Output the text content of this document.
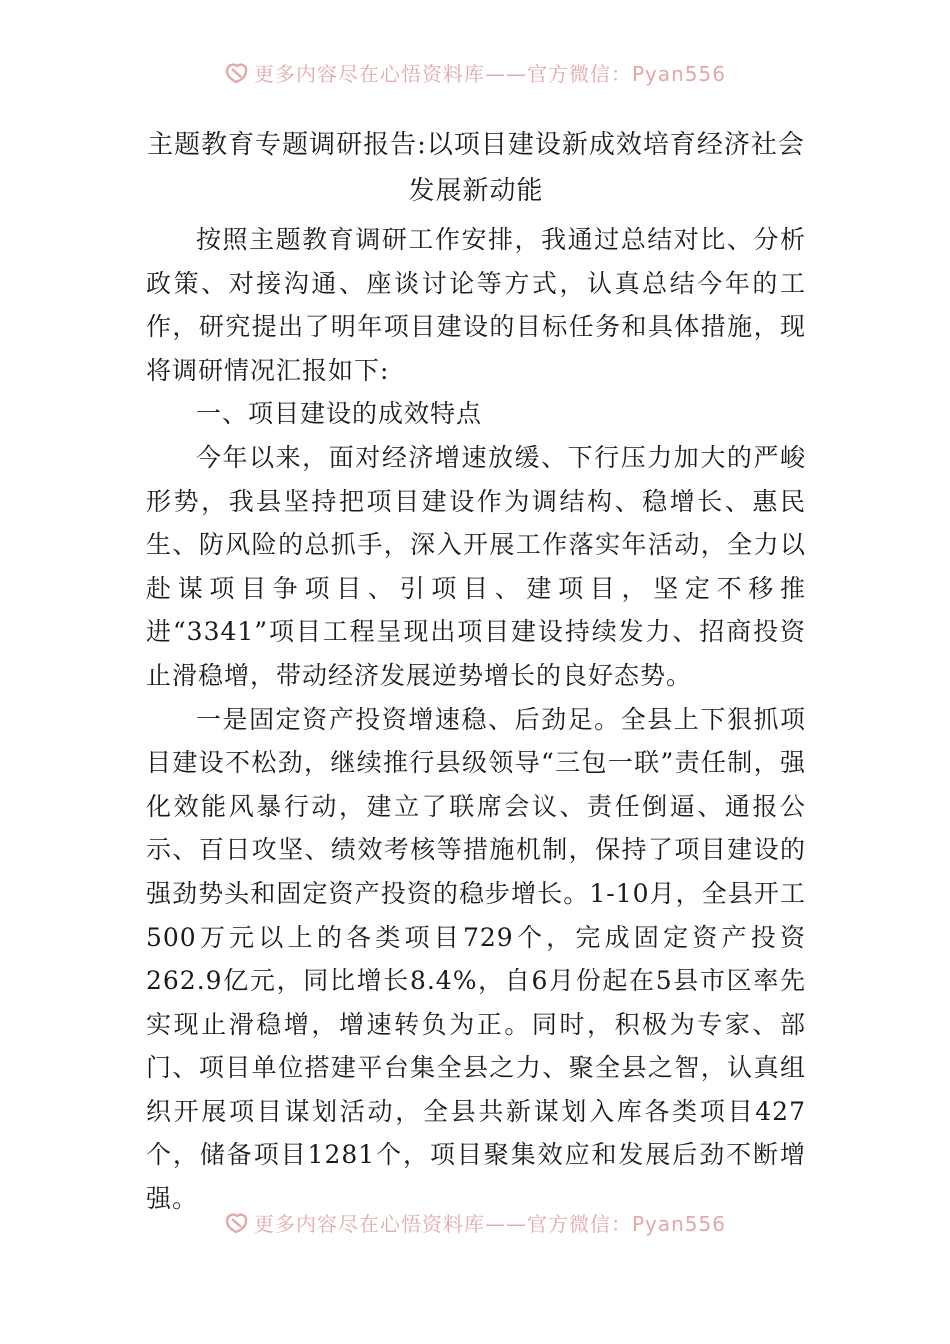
更多内容尽在心悟资料库——官方微信：Pyan556
主题教育专题调研报告:以项目建设新成效培育经济社会发展新动能

按照主题教育调研工作安排，我通过总结对比、分析政策、对接沟通、座谈讨论等方式，认真总结今年的工作，研究提出了明年项目建设的目标任务和具体措施，现将调研情况汇报如下:

一、项目建设的成效特点

今年以来，面对经济增速放缓、下行压力加大的严峻形势，我县坚持把项目建设作为调结构、稳增长、惠民生、防风险的总抓手，深入开展工作落实年活动，全力以赴谋项目争项目、引项目、建项目，坚定不移推进“3341”项目工程呈现出项目建设持续发力、招商投资止滑稳增，带动经济发展逆势增长的良好态势。

一是固定资产投资增速稳、后劲足。全县上下狠抓项目建设不松劲，继续推行县级领导“三包一联”责任制，强化效能风暴行动，建立了联席会议、责任倒逼、通报公示、百日攻坚、绩效考核等措施机制，保持了项目建设的强劲势头和固定资产投资的稳步增长。1-10月，全县开工500万元以上的各类项目729个，完成固定资产投资262.9亿元，同比增长8.4%，自6月份起在5县市区率先实现止滑稳增，增速转负为正。同时，积极为专家、部门、项目单位搭建平台集全县之力、聚全县之智，认真组织开展项目谋划活动，全县共新谋划入库各类项目427个，储备项目1281个，项目聚集效应和发展后劲不断增强。

更多内容尽在心悟资料库——官方微信：Pyan556
